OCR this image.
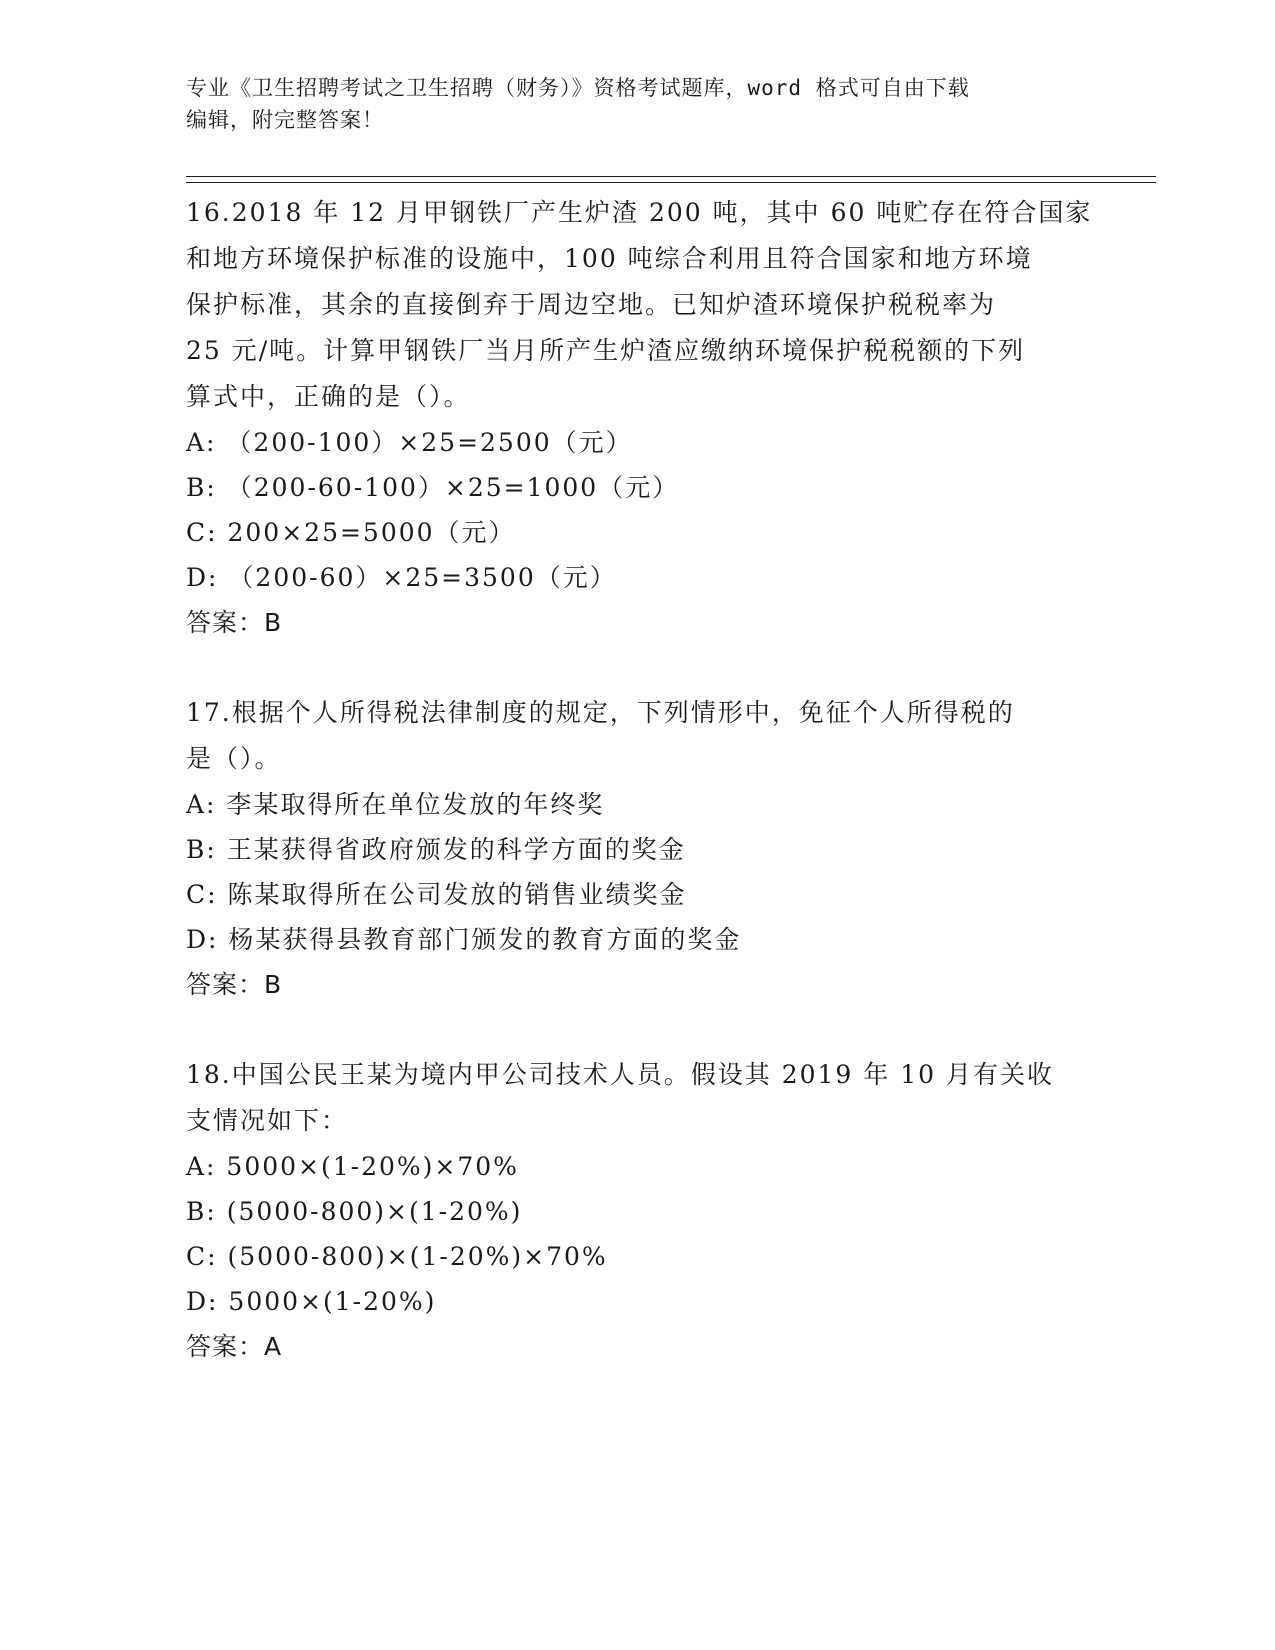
专业《卫生招聘考试之卫生招聘（财务）》资格考试题库，word 格式可自由下载
编辑，附完整答案！
16.2018 年 12 月甲钢铁厂产生炉渣 200 吨，其中 60 吨贮存在符合国家
和地方环境保护标准的设施中，100 吨综合利用且符合国家和地方环境
保护标准，其余的直接倒弃于周边空地。已知炉渣环境保护税税率为
25 元/吨。计算甲钢铁厂当月所产生炉渣应缴纳环境保护税税额的下列
算式中，正确的是（）。
A: （200-100）×25=2500（元）
B: （200-60-100）×25=1000（元）
C: 200×25=5000（元）
D: （200-60）×25=3500（元）
答案：B
17.根据个人所得税法律制度的规定，下列情形中，免征个人所得税的
是（）。
A: 李某取得所在单位发放的年终奖
B: 王某获得省政府颁发的科学方面的奖金
C: 陈某取得所在公司发放的销售业绩奖金
D: 杨某获得县教育部门颁发的教育方面的奖金
答案：B
18.中国公民王某为境内甲公司技术人员。假设其 2019 年 10 月有关收
支情况如下：
A: 5000×(1-20%)×70%
B: (5000-800)×(1-20%)
C: (5000-800)×(1-20%)×70%
D: 5000×(1-20%)
答案：A
